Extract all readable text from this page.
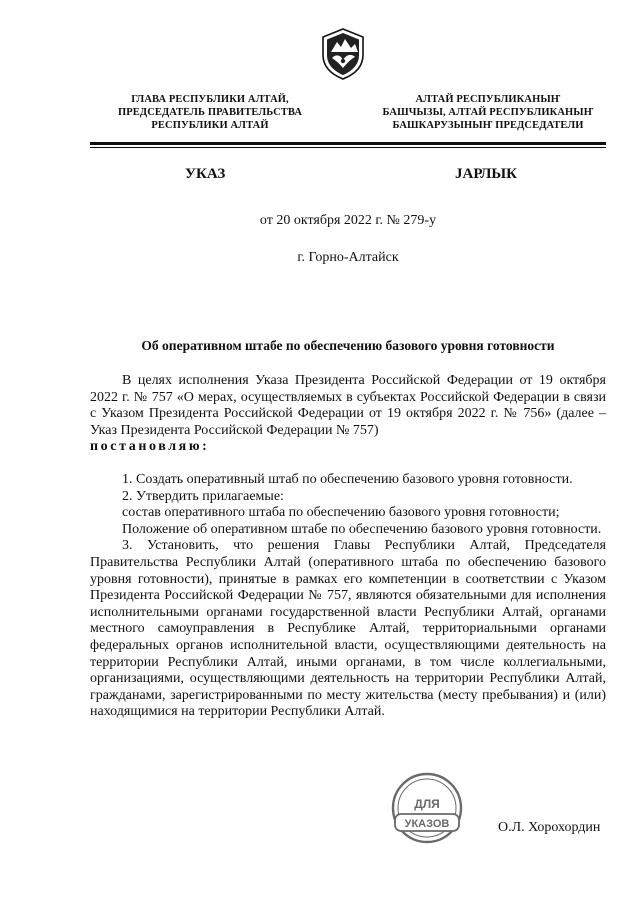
ГЛАВА РЕСПУБЛИКИ АЛТАЙ,
ПРЕДСЕДАТЕЛЬ ПРАВИТЕЛЬСТВА
РЕСПУБЛИКИ АЛТАЙ
АЛТАЙ РЕСПУБЛИКАНЫҤ
БАШЧЫЗЫ, АЛТАЙ РЕСПУБЛИКАНЫҤ
БАШКАРУЗЫНЫҤ ПРЕДСЕДАТЕЛИ
УКАЗ	JАРЛЫК
от 20 октября 2022 г. № 279-у
г. Горно-Алтайск
Об оперативном штабе по обеспечению базового уровня готовности

В целях исполнения Указа Президента Российской Федерации от 19 октября 2022 г. № 757 «О мерах, осуществляемых в субъектах Российской Федерации в связи с Указом Президента Российской Федерации от 19 октября 2022 г. № 756» (далее – Указ Президента Российской Федерации № 757)
постановляю:

1. Создать оперативный штаб по обеспечению базового уровня готовности.

2. Утвердить прилагаемые:

состав оперативного штаба по обеспечению базового уровня готовности;

Положение об оперативном штабе по обеспечению базового уровня готовности.

3. Установить, что решения Главы Республики Алтай, Председателя Правительства Республики Алтай (оперативного штаба по обеспечению базового уровня готовности), принятые в рамках его компетенции в соответствии с Указом Президента Российской Федерации № 757, являются обязательными для исполнения исполнительными органами государственной власти Республики Алтай, органами местного самоуправления в Республике Алтай, территориальными органами федеральных органов исполнительной власти, осуществляющими деятельность на территории Республики Алтай, иными органами, в том числе коллегиальными, организациями, осуществляющими деятельность на территории Республики Алтай, гражданами, зарегистрированными по месту жительства (месту пребывания) и (или) находящимися на территории Республики Алтай.

ДЛЯ
УКАЗОВ	О.Л. Хорохордин
